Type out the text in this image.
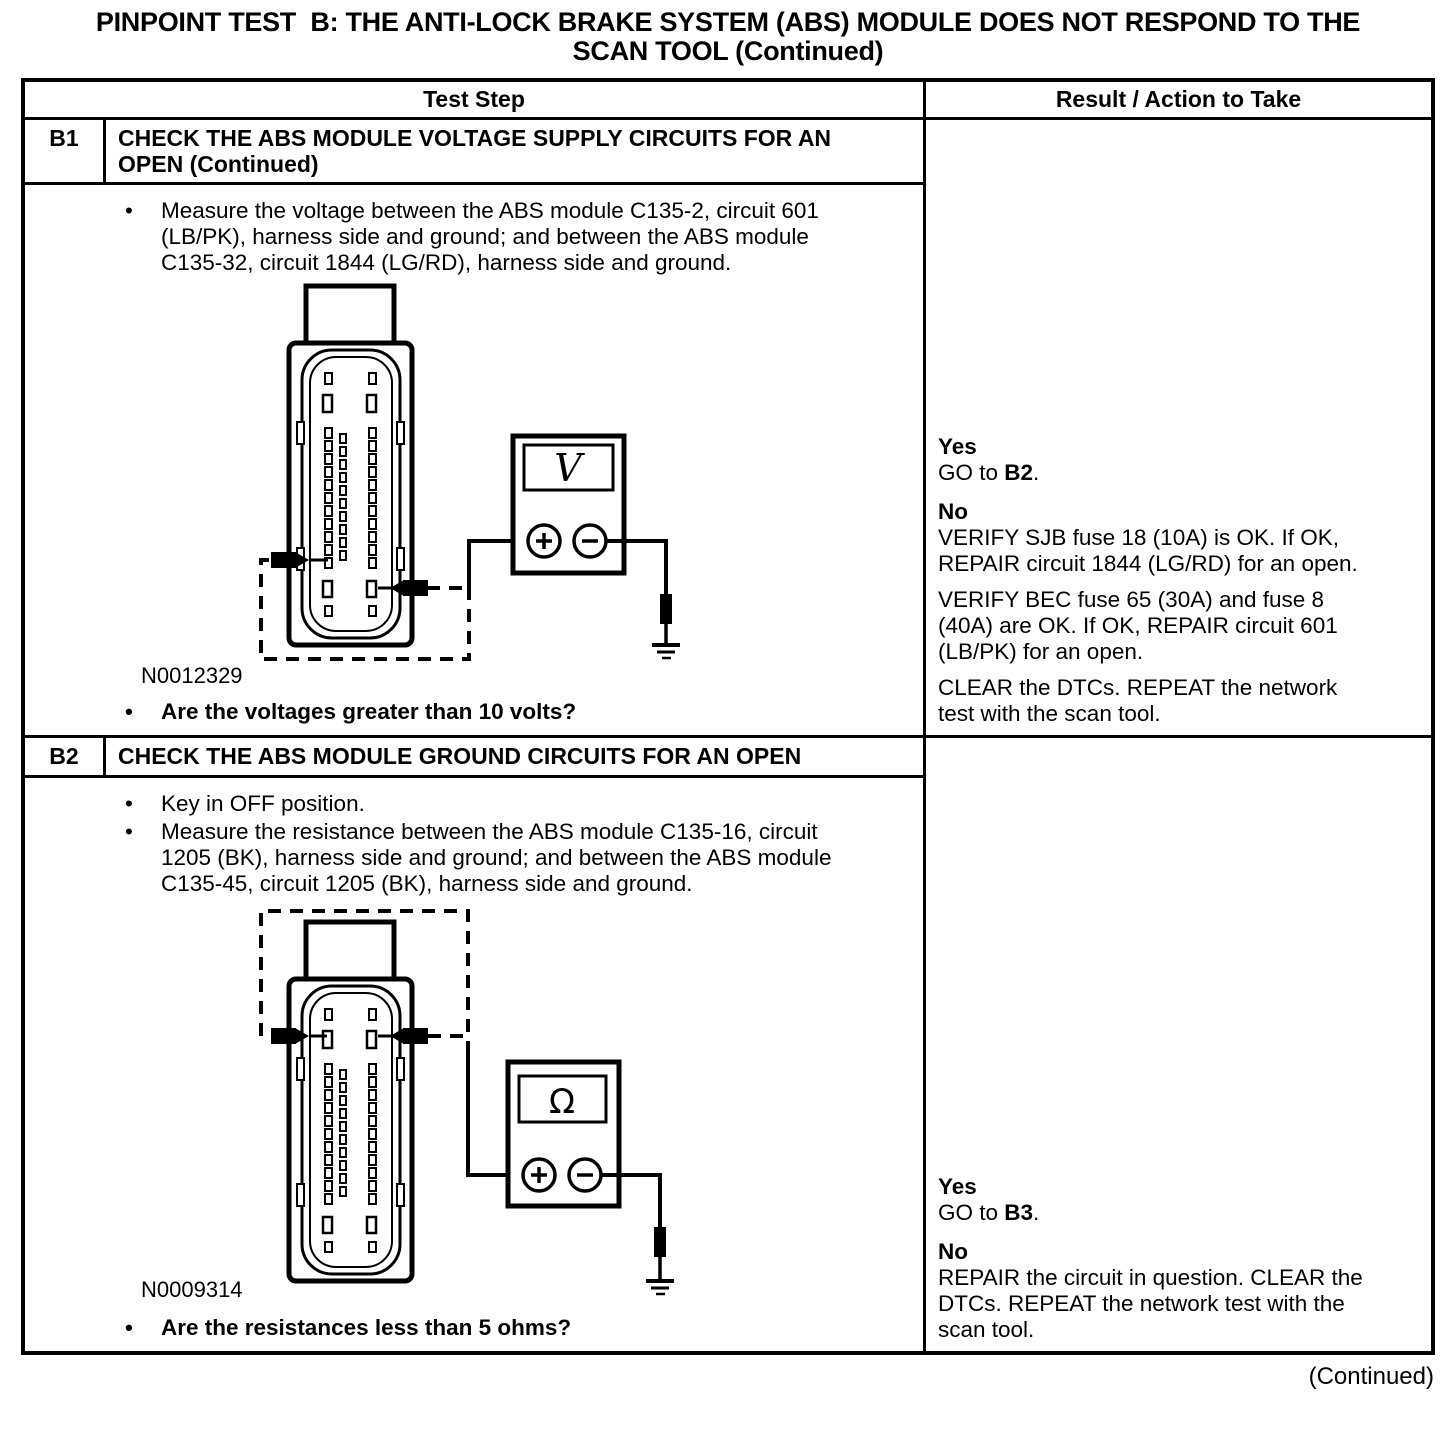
PINPOINT TEST  B: THE ANTI-LOCK BRAKE SYSTEM (ABS) MODULE DOES NOT RESPOND TO THE
SCAN TOOL (Continued)
Test Step	Result / Action to Take
B1	CHECK THE ABS MODULE VOLTAGE SUPPLY CIRCUITS FOR AN OPEN (Continued)
•	Measure the voltage between the ABS module C135-2, circuit 601 (LB/PK), harness side and ground; and between the ABS module C135-32, circuit 1844 (LG/RD), harness side and ground.
V
N0012329
•	Are the voltages greater than 10 volts?
Yes
GO to B2.
No
VERIFY SJB fuse 18 (10A) is OK. If OK, REPAIR circuit 1844 (LG/RD) for an open.
VERIFY BEC fuse 65 (30A) and fuse 8 (40A) are OK. If OK, REPAIR circuit 601 (LB/PK) for an open.
CLEAR the DTCs. REPEAT the network test with the scan tool.
B2	CHECK THE ABS MODULE GROUND CIRCUITS FOR AN OPEN
•	Key in OFF position.
•	Measure the resistance between the ABS module C135-16, circuit 1205 (BK), harness side and ground; and between the ABS module C135-45, circuit 1205 (BK), harness side and ground.
Ω
N0009314
•	Are the resistances less than 5 ohms?
Yes
GO to B3.
No
REPAIR the circuit in question. CLEAR the DTCs. REPEAT the network test with the scan tool.
(Continued)
